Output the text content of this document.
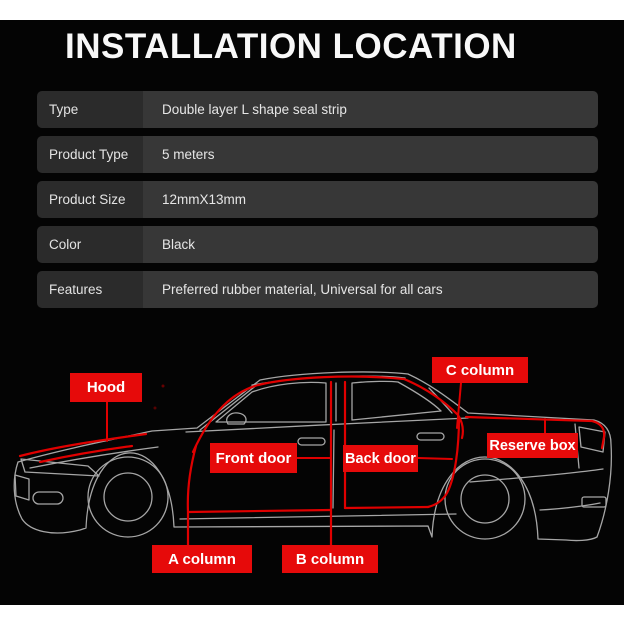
INSTALLATION LOCATION
Type	Double layer L shape seal strip
Product Type	5 meters
Product Size	12mmX13mm
Color	Black
Features	Preferred rubber material, Universal for all cars
Hood
C column
Reserve box
Front door	Back door
A column	B column
